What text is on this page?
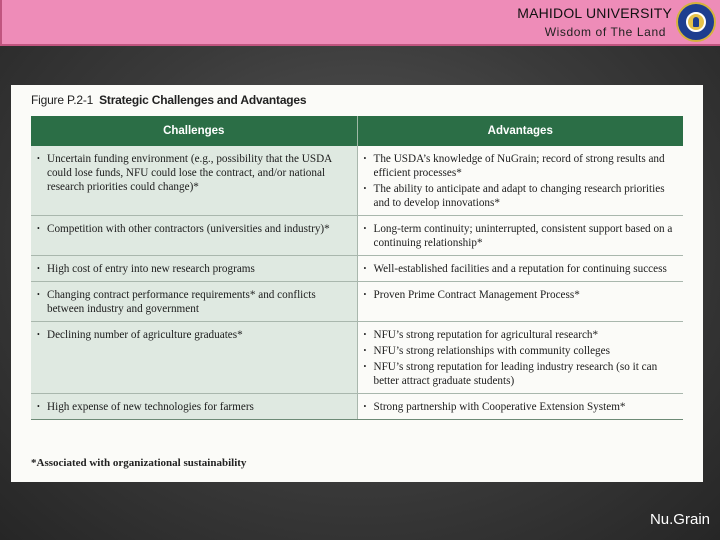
MAHIDOL UNIVERSITY
Wisdom of The Land
Figure P.2-1 Strategic Challenges and Advantages
Challenges	Advantages

• Uncertain funding environment (e.g., possibility that the USDA could lose funds, NFU could lose the contract, and/or national research priorities could change)*	• The USDA’s knowledge of NuGrain; record of strong results and efficient processes*
• The ability to anticipate and adapt to changing research priorities and to develop innovations*

• Competition with other contractors (universities and industry)*	• Long-term continuity; uninterrupted, consistent support based on a continuing relationship*

• High cost of entry into new research programs	• Well-established facilities and a reputation for continuing success

• Changing contract performance requirements* and conflicts between industry and government	• Proven Prime Contract Management Process*

• Declining number of agriculture graduates*	• NFU’s strong reputation for agricultural research*
• NFU’s strong relationships with community colleges
• NFU’s strong reputation for leading industry research (so it can better attract graduate students)

• High expense of new technologies for farmers	• Strong partnership with Cooperative Extension System*
*Associated with organizational sustainability
Nu.Grain
